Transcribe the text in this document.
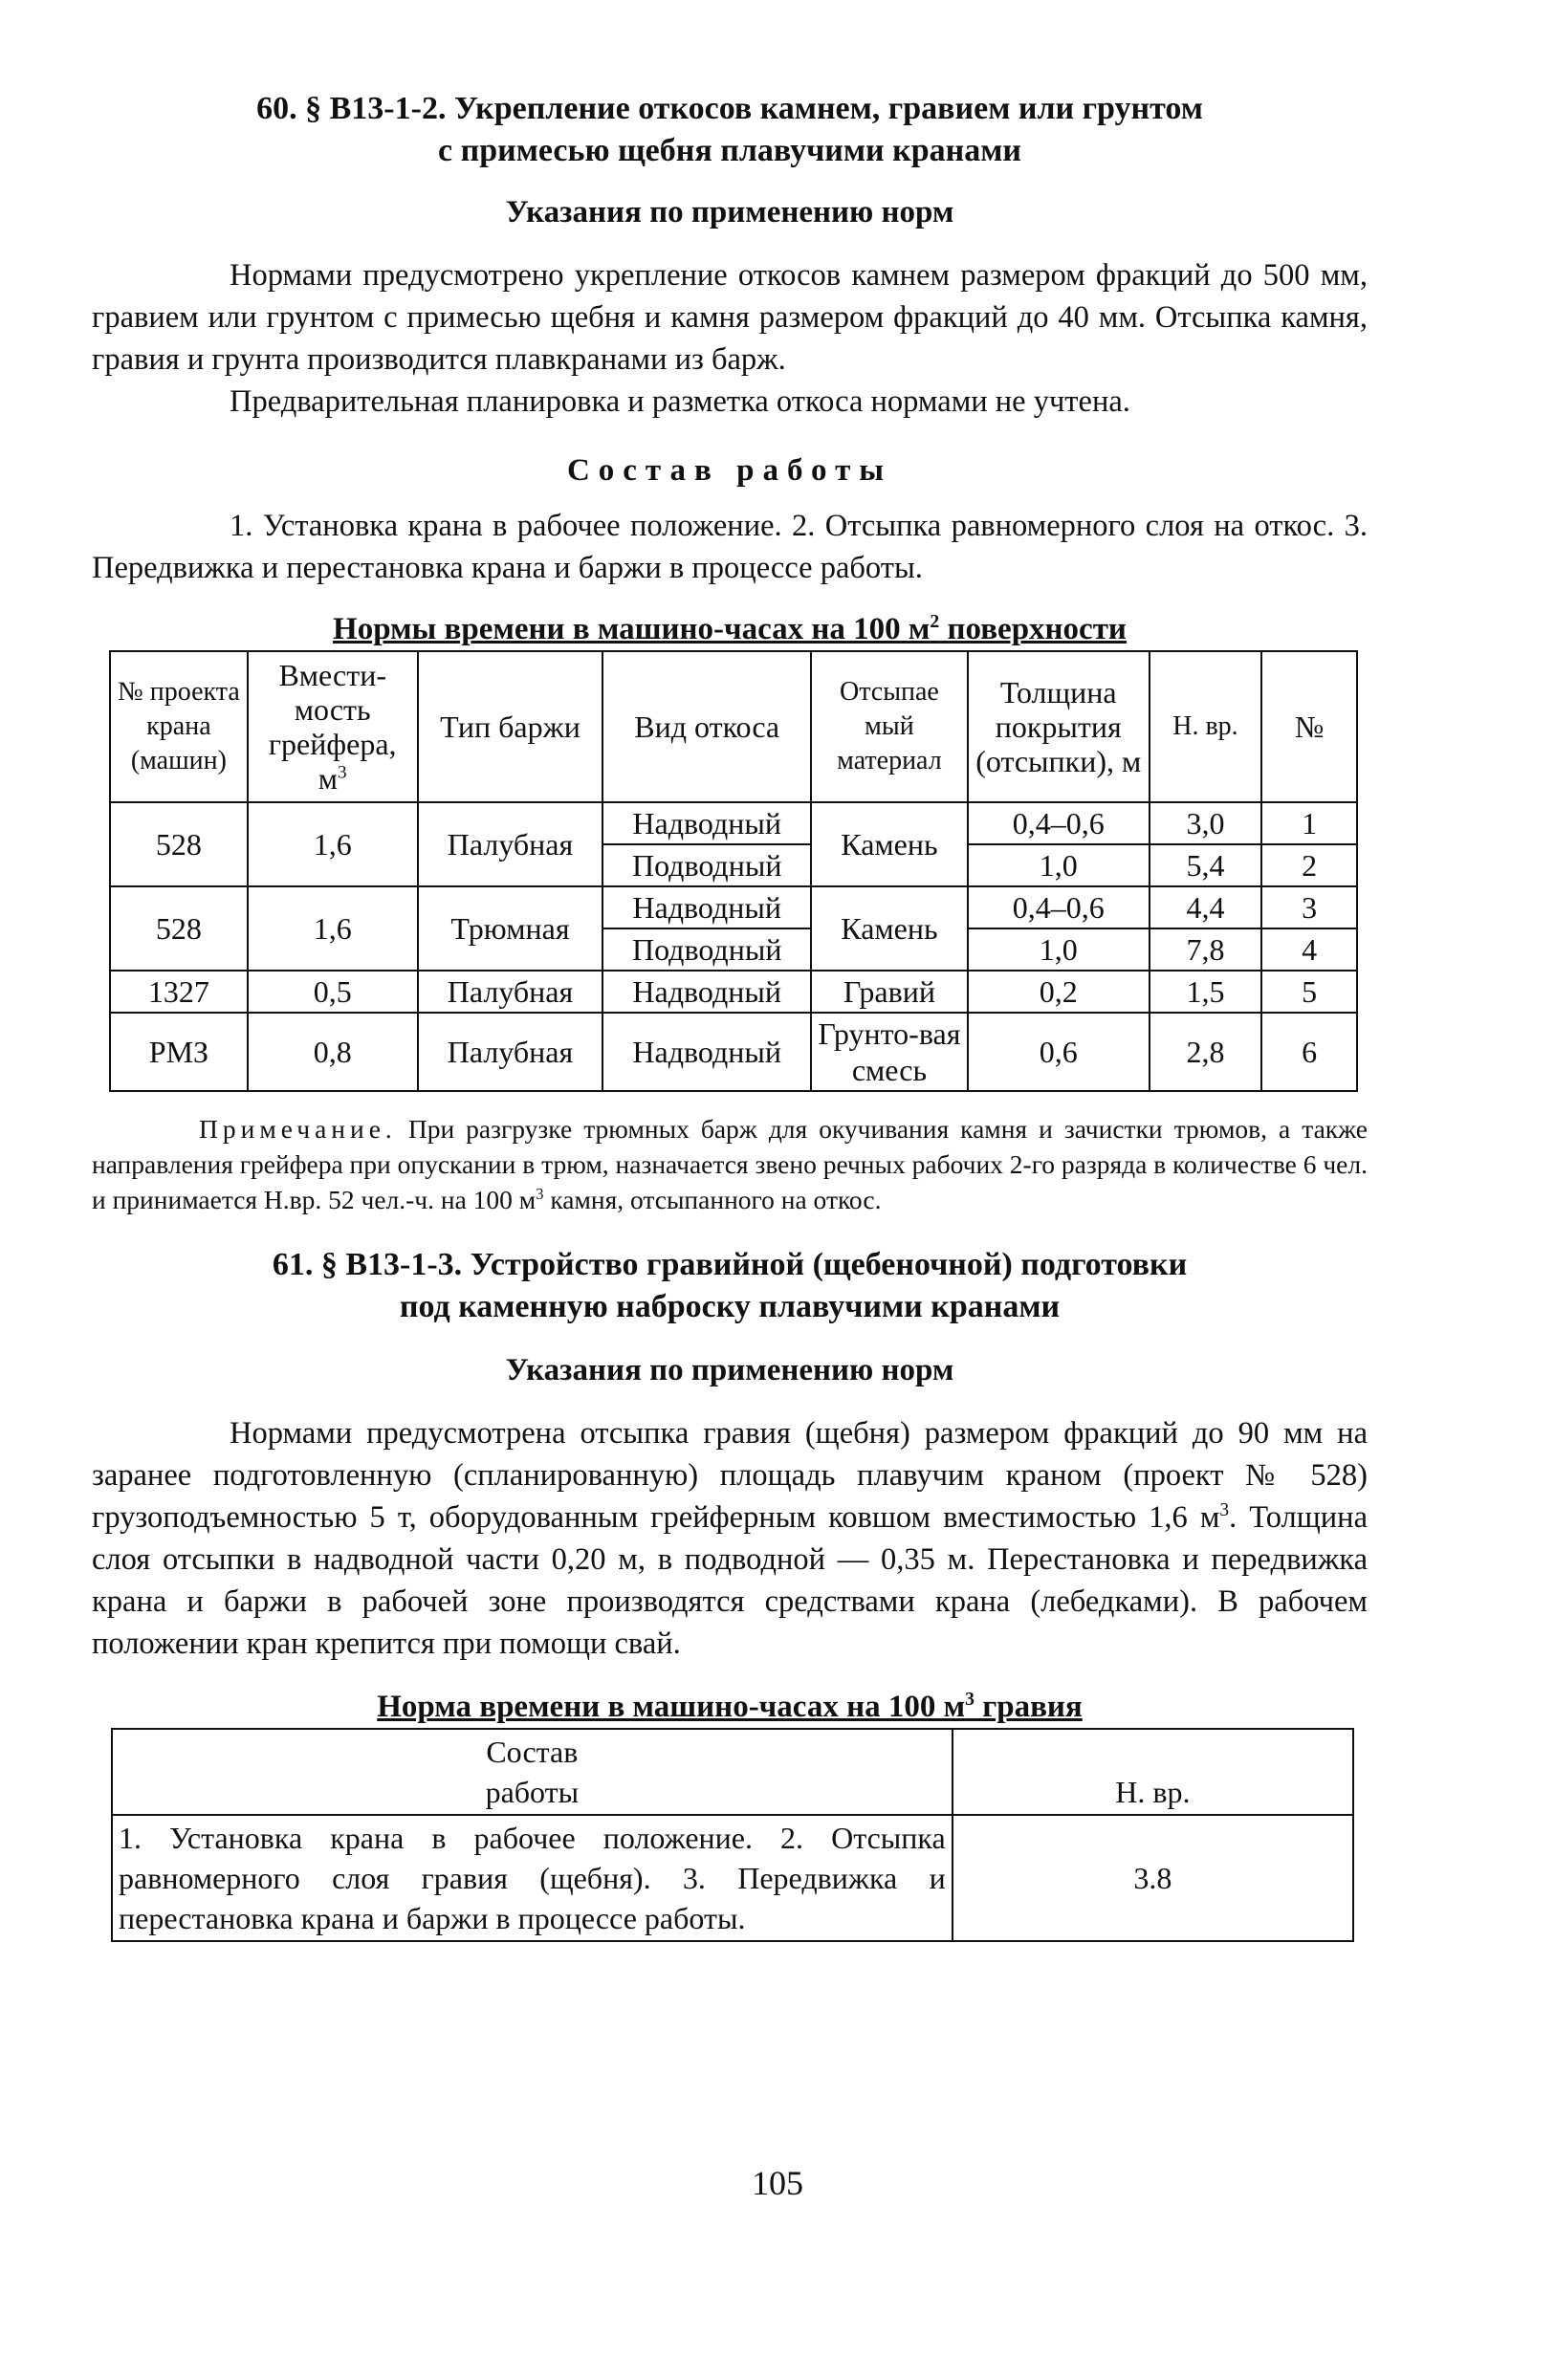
60. § В13-1-2. Укрепление откосов камнем, гравием или грунтом
с примесью щебня плавучими кранами
Указания по применению норм

Нормами предусмотрено укрепление откосов камнем размером фракций до 500 мм, гравием или грунтом с примесью щебня и камня размером фракций до 40 мм. Отсыпка камня, гравия и грунта производится плавкранами из барж.

Предварительная планировка и разметка откоса нормами не учтена.

Состав работы

1. Установка крана в рабочее положение. 2. Отсыпка равномерного слоя на откос. 3. Передвижка и перестановка крана и баржи в процессе работы.

Нормы времени в машино-часах на 100 $м^2$ поверхности
№ проекта крана (машин)	Вмести-мость грейфера, $м^3$	Тип баржи	Вид откоса	Отсыпае мый материал	Толщина покрытия (отсыпки), м	Н. вр.	№
528	1,6	Палубная	Надводный	Камень	0,4–0,6	3,0	1
			Подводный		1,0	5,4	2
528	1,6	Трюмная	Надводный	Камень	0,4–0,6	4,4	3
			Подводный		1,0	7,8	4
1327	0,5	Палубная	Надводный	Гравий	0,2	1,5	5
РМЗ	0,8	Палубная	Надводный	Грунто-вая смесь	0,6	2,8	6
Примечание. При разгрузке трюмных барж для окучивания камня и зачистки трюмов, а также направления грейфера при опускании в трюм, назначается звено речных рабочих 2-го разряда в количестве 6 чел. и принимается Н.вр. 52 чел.-ч. на 100 $м^3$ камня, отсыпанного на откос.
61. § В13-1-3. Устройство гравийной (щебеночной) подготовки
под каменную наброску плавучими кранами
Указания по применению норм

Нормами предусмотрена отсыпка гравия (щебня) размером фракций до 90 мм на заранее подготовленную (спланированную) площадь плавучим краном (проект № 528) грузоподъемностью 5 т, оборудованным грейферным ковшом вместимостью 1,6 $м^3$. Толщина слоя отсыпки в надводной части 0,20 м, в подводной — 0,35 м. Перестановка и передвижка крана и баржи в рабочей зоне производятся средствами крана (лебедками). В рабочем положении кран крепится при помощи свай.

Норма времени в машино-часах на 100 $м^3$ гравия
Состав работы	Н. вр.
1. Установка крана в рабочее положение. 2. Отсыпка равномерного слоя гравия (щебня). 3. Передвижка и перестановка крана и баржи в процессе работы.	3.8
105
